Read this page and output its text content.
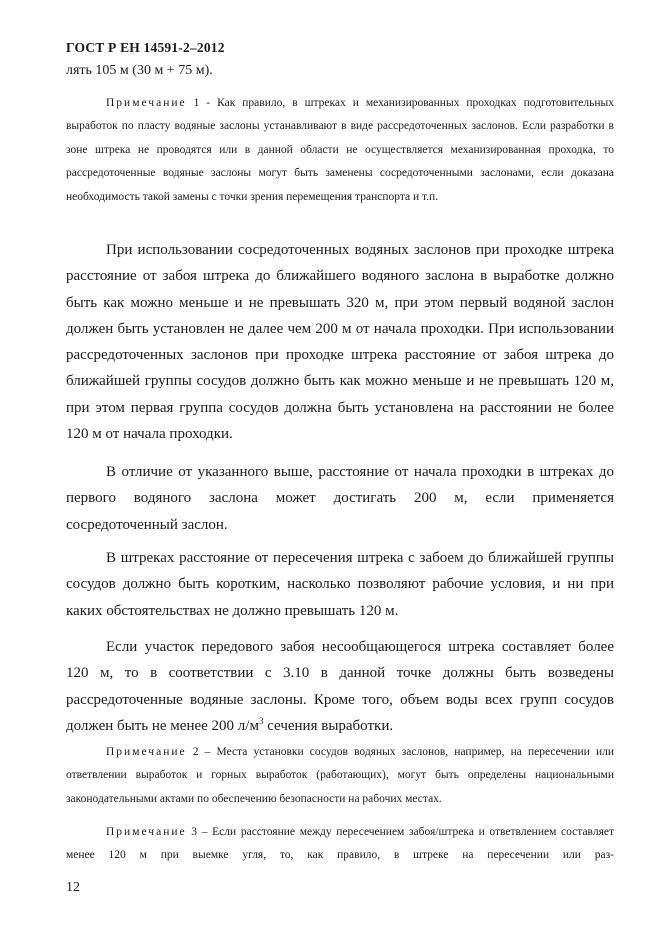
ГОСТ Р ЕН 14591-2–2012
лять 105 м (30 м + 75 м).
Примечание 1 - Как правило, в штреках и механизированных проходках подготовительных выработок по пласту водяные заслоны устанавливают в виде рассредоточенных заслонов. Если разработки в зоне штрека не проводятся или в данной области не осуществляется механизированная проходка, то рассредоточенные водяные заслоны могут быть заменены сосредоточенными заслонами, если доказана необходимость такой замены с точки зрения перемещения транспорта и т.п.
При использовании сосредоточенных водяных заслонов при проходке штрека расстояние от забоя штрека до ближайшего водяного заслона в выработке должно быть как можно меньше и не превышать 320 м, при этом первый водяной заслон должен быть установлен не далее чем 200 м от начала проходки. При использовании рассредоточенных заслонов при проходке штрека расстояние от забоя штрека до ближайшей группы сосудов должно быть как можно меньше и не превышать 120 м, при этом первая группа сосудов должна быть установлена на расстоянии не более 120 м от начала проходки.
В отличие от указанного выше, расстояние от начала проходки в штреках до первого водяного заслона может достигать 200 м, если применяется сосредоточенный заслон.
В штреках расстояние от пересечения штрека с забоем до ближайшей группы сосудов должно быть коротким, насколько позволяют рабочие условия, и ни при каких обстоятельствах не должно превышать 120 м.
Если участок передового забоя несообщающегося штрека составляет более 120 м, то в соответствии с 3.10 в данной точке должны быть возведены рассредоточенные водяные заслоны. Кроме того, объем воды всех групп сосудов должен быть не менее 200 $л/м^3$ сечения выработки.
Примечание 2 – Места установки сосудов водяных заслонов, например, на пересечении или ответвлении выработок и горных выработок (работающих), могут быть определены национальными законодательными актами по обеспечению безопасности на рабочих местах.
Примечание 3 – Если расстояние между пересечением забоя/штрека и ответвлением составляет менее 120 м при выемке угля, то, как правило, в штреке на пересечении или раз-
12
